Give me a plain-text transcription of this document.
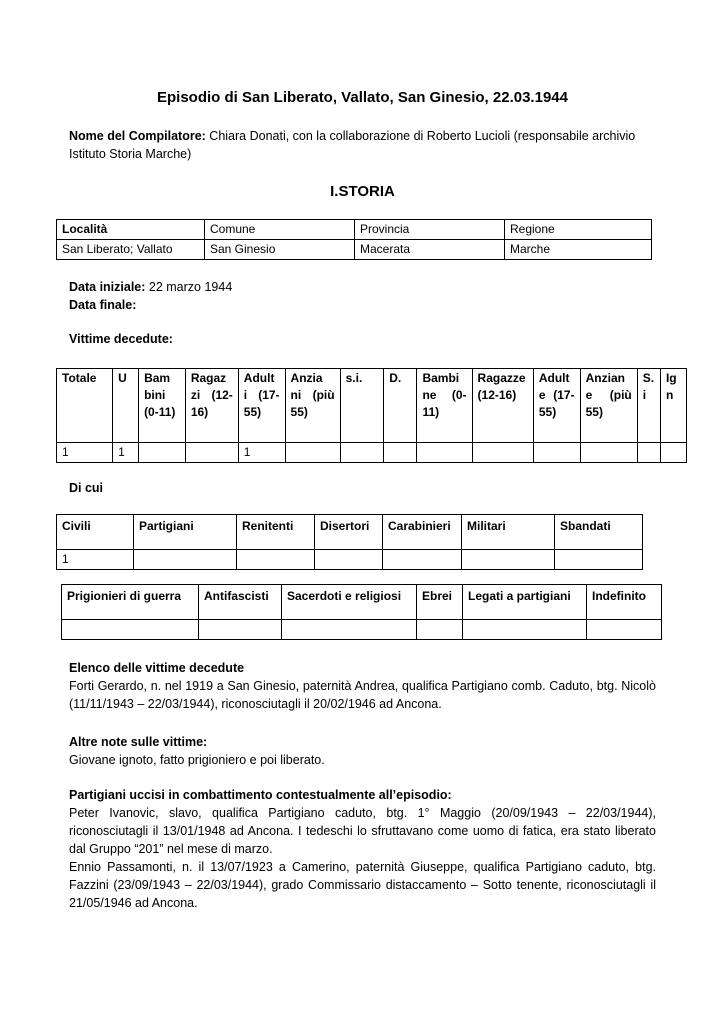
Episodio di San Liberato, Vallato, San Ginesio, 22.03.1944
Nome del Compilatore: Chiara Donati, con la collaborazione di Roberto Lucioli (responsabile archivio Istituto Storia Marche)
I.STORIA
Località	Comune	Provincia	Regione
San Liberato; Vallato	San Ginesio	Macerata	Marche
Data iniziale: 22 marzo 1944
Data finale:
Vittime decedute:
Totale	U	Bam bini (0-11)	Ragaz zi (12-16)	Adult i (17-55)	Anzia ni (più 55)	s.i.	D.	Bambi ne (0-11)	Ragazze (12-16)	Adult e (17-55)	Anzian e (più 55)	S. i	Ig n
1	1			1									
Di cui
Civili	Partigiani	Renitenti	Disertori	Carabinieri	Militari	Sbandati
1						
Prigionieri di guerra	Antifascisti	Sacerdoti e religiosi	Ebrei	Legati a partigiani	Indefinito

Elenco delle vittime decedute
Forti Gerardo, n. nel 1919 a San Ginesio, paternità Andrea, qualifica Partigiano comb. Caduto, btg. Nicolò (11/11/1943 – 22/03/1944), riconosciutagli il 20/02/1946 ad Ancona.
Altre note sulle vittime:
Giovane ignoto, fatto prigioniero e poi liberato.
Partigiani uccisi in combattimento contestualmente all’episodio:
Peter Ivanovic, slavo, qualifica Partigiano caduto, btg. 1° Maggio (20/09/1943 – 22/03/1944), riconosciutagli il 13/01/1948 ad Ancona. I tedeschi lo sfruttavano come uomo di fatica, era stato liberato dal Gruppo “201” nel mese di marzo.
Ennio Passamonti, n. il 13/07/1923 a Camerino, paternità Giuseppe, qualifica Partigiano caduto, btg. Fazzini (23/09/1943 – 22/03/1944), grado Commissario distaccamento – Sotto tenente, riconosciutagli il 21/05/1946 ad Ancona.
